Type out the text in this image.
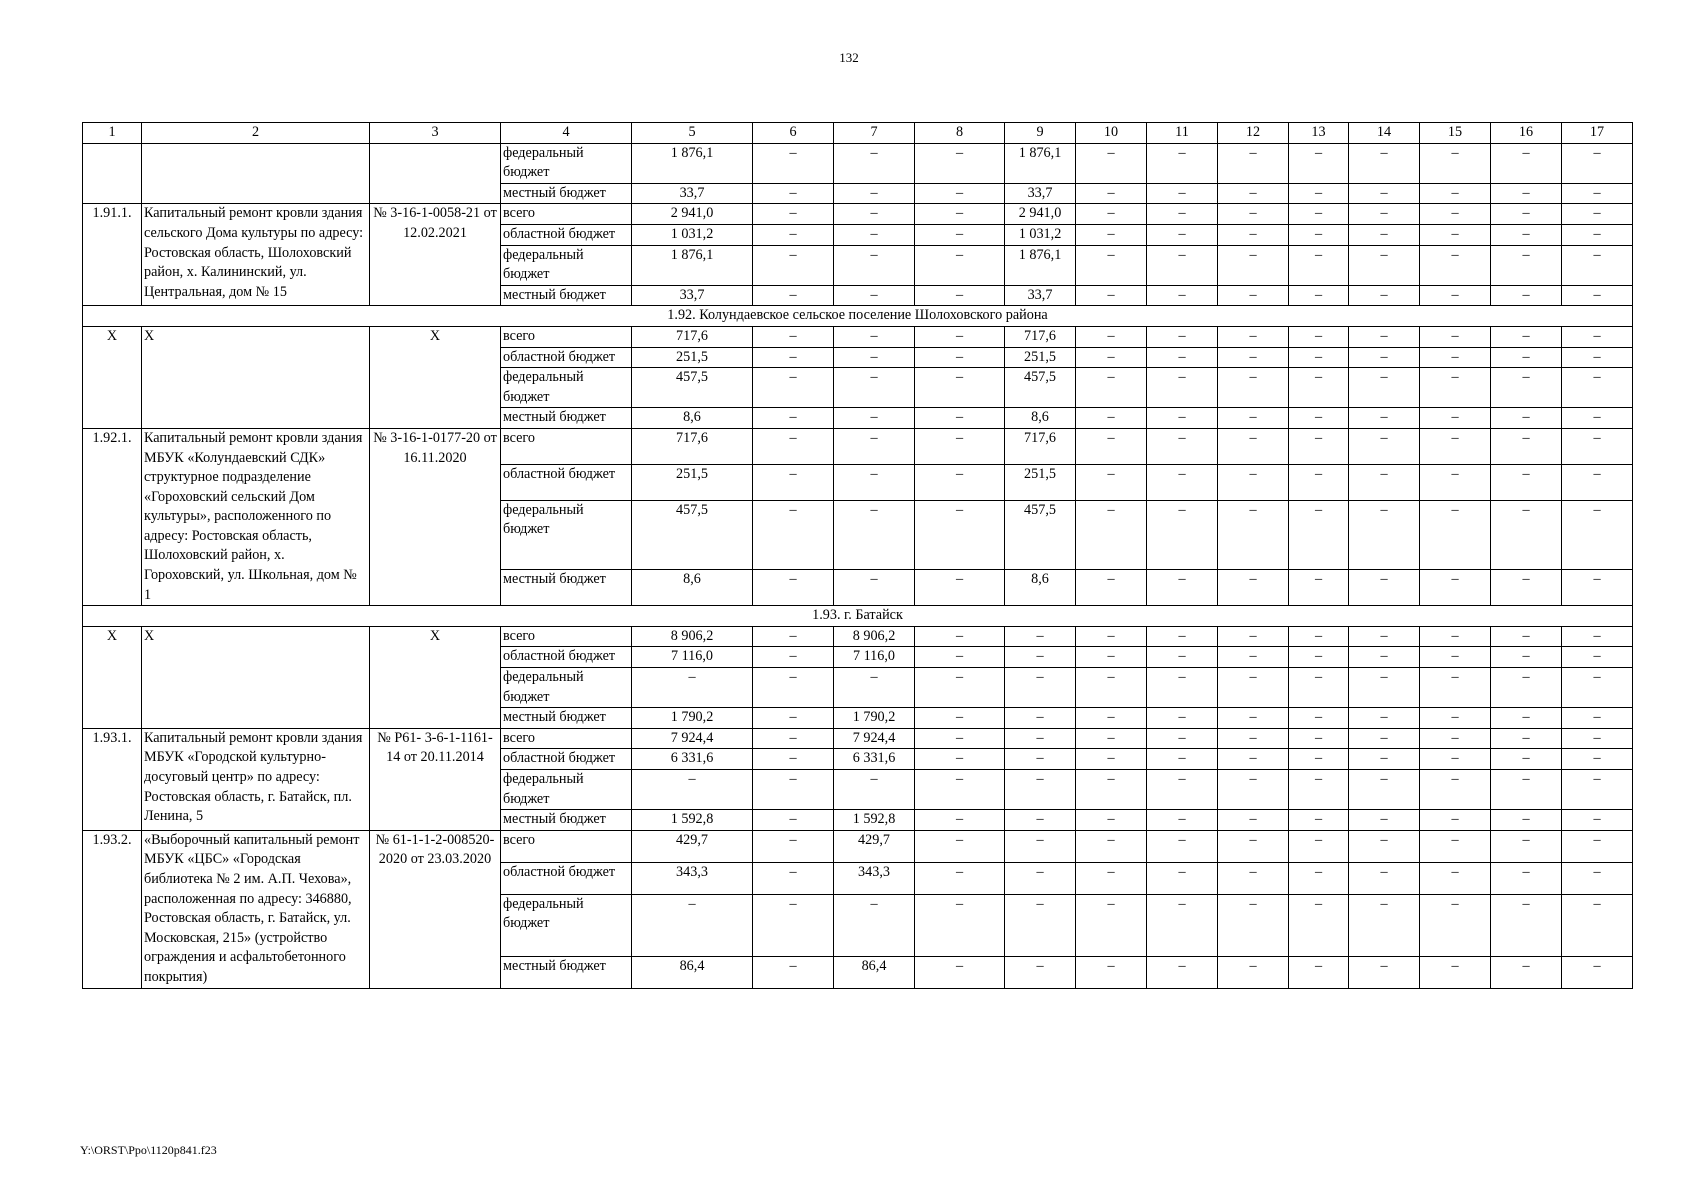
132
1	2	3	4	5	6	7	8	9	10	11	12	13	14	15	16	17
			федеральный бюджет	1 876,1	–	–	–	1 876,1	–	–	–	–	–	–	–	–
			местный бюджет	33,7	–	–	–	33,7	–	–	–	–	–	–	–	–
1.91.1.	Капитальный ремонт кровли здания сельского Дома культуры по адресу: Ростовская область, Шолоховский район, х. Калининский, ул. Центральная, дом № 15	№ 3-16-1-0058-21 от 12.02.2021	всего	2 941,0	–	–	–	2 941,0	–	–	–	–	–	–	–	–
			областной бюджет	1 031,2	–	–	–	1 031,2	–	–	–	–	–	–	–	–
			федеральный бюджет	1 876,1	–	–	–	1 876,1	–	–	–	–	–	–	–	–
			местный бюджет	33,7	–	–	–	33,7	–	–	–	–	–	–	–	–
1.92. Колундаевское сельское поселение Шолоховского района																
Х	Х	Х	всего	717,6	–	–	–	717,6	–	–	–	–	–	–	–	–
			областной бюджет	251,5	–	–	–	251,5	–	–	–	–	–	–	–	–
			федеральный бюджет	457,5	–	–	–	457,5	–	–	–	–	–	–	–	–
			местный бюджет	8,6	–	–	–	8,6	–	–	–	–	–	–	–	–
1.92.1.	Капитальный ремонт кровли здания МБУК «Колундаевский СДК» структурное подразделение «Гороховский сельский Дом культуры», расположенного по адресу: Ростовская область, Шолоховский район, х. Гороховский, ул. Школьная, дом № 1	№ 3-16-1-0177-20 от 16.11.2020	всего	717,6	–	–	–	717,6	–	–	–	–	–	–	–	–
			областной бюджет	251,5	–	–	–	251,5	–	–	–	–	–	–	–	–
			федеральный бюджет	457,5	–	–	–	457,5	–	–	–	–	–	–	–	–
			местный бюджет	8,6	–	–	–	8,6	–	–	–	–	–	–	–	–
1.93. г. Батайск																
Х	Х	Х	всего	8 906,2	–	8 906,2	–	–	–	–	–	–	–	–	–	–
			областной бюджет	7 116,0	–	7 116,0	–	–	–	–	–	–	–	–	–	–
			федеральный бюджет	–	–	–	–	–	–	–	–	–	–	–	–	–
			местный бюджет	1 790,2	–	1 790,2	–	–	–	–	–	–	–	–	–	–
1.93.1.	Капитальный ремонт кровли здания МБУК «Городской культурно-досуговый центр» по адресу: Ростовская область, г. Батайск, пл. Ленина, 5	№ Р61- 3-6-1-1161-14 от 20.11.2014	всего	7 924,4	–	7 924,4	–	–	–	–	–	–	–	–	–	–
			областной бюджет	6 331,6	–	6 331,6	–	–	–	–	–	–	–	–	–	–
			федеральный бюджет	–	–	–	–	–	–	–	–	–	–	–	–	–
			местный бюджет	1 592,8	–	1 592,8	–	–	–	–	–	–	–	–	–	–
1.93.2.	«Выборочный капитальный ремонт МБУК «ЦБС» «Городская библиотека № 2 им. А.П. Чехова», расположенная по адресу: 346880, Ростовская область, г. Батайск, ул. Московская, 215» (устройство ограждения и асфальтобетонного покрытия)	№ 61-1-1-2-008520-2020 от 23.03.2020	всего	429,7	–	429,7	–	–	–	–	–	–	–	–	–	–
			областной бюджет	343,3	–	343,3	–	–	–	–	–	–	–	–	–	–
			федеральный бюджет	–	–	–	–	–	–	–	–	–	–	–	–	–
			местный бюджет	86,4	–	86,4	–	–	–	–	–	–	–	–	–	–
Y:\ORST\Ppo\1120p841.f23
